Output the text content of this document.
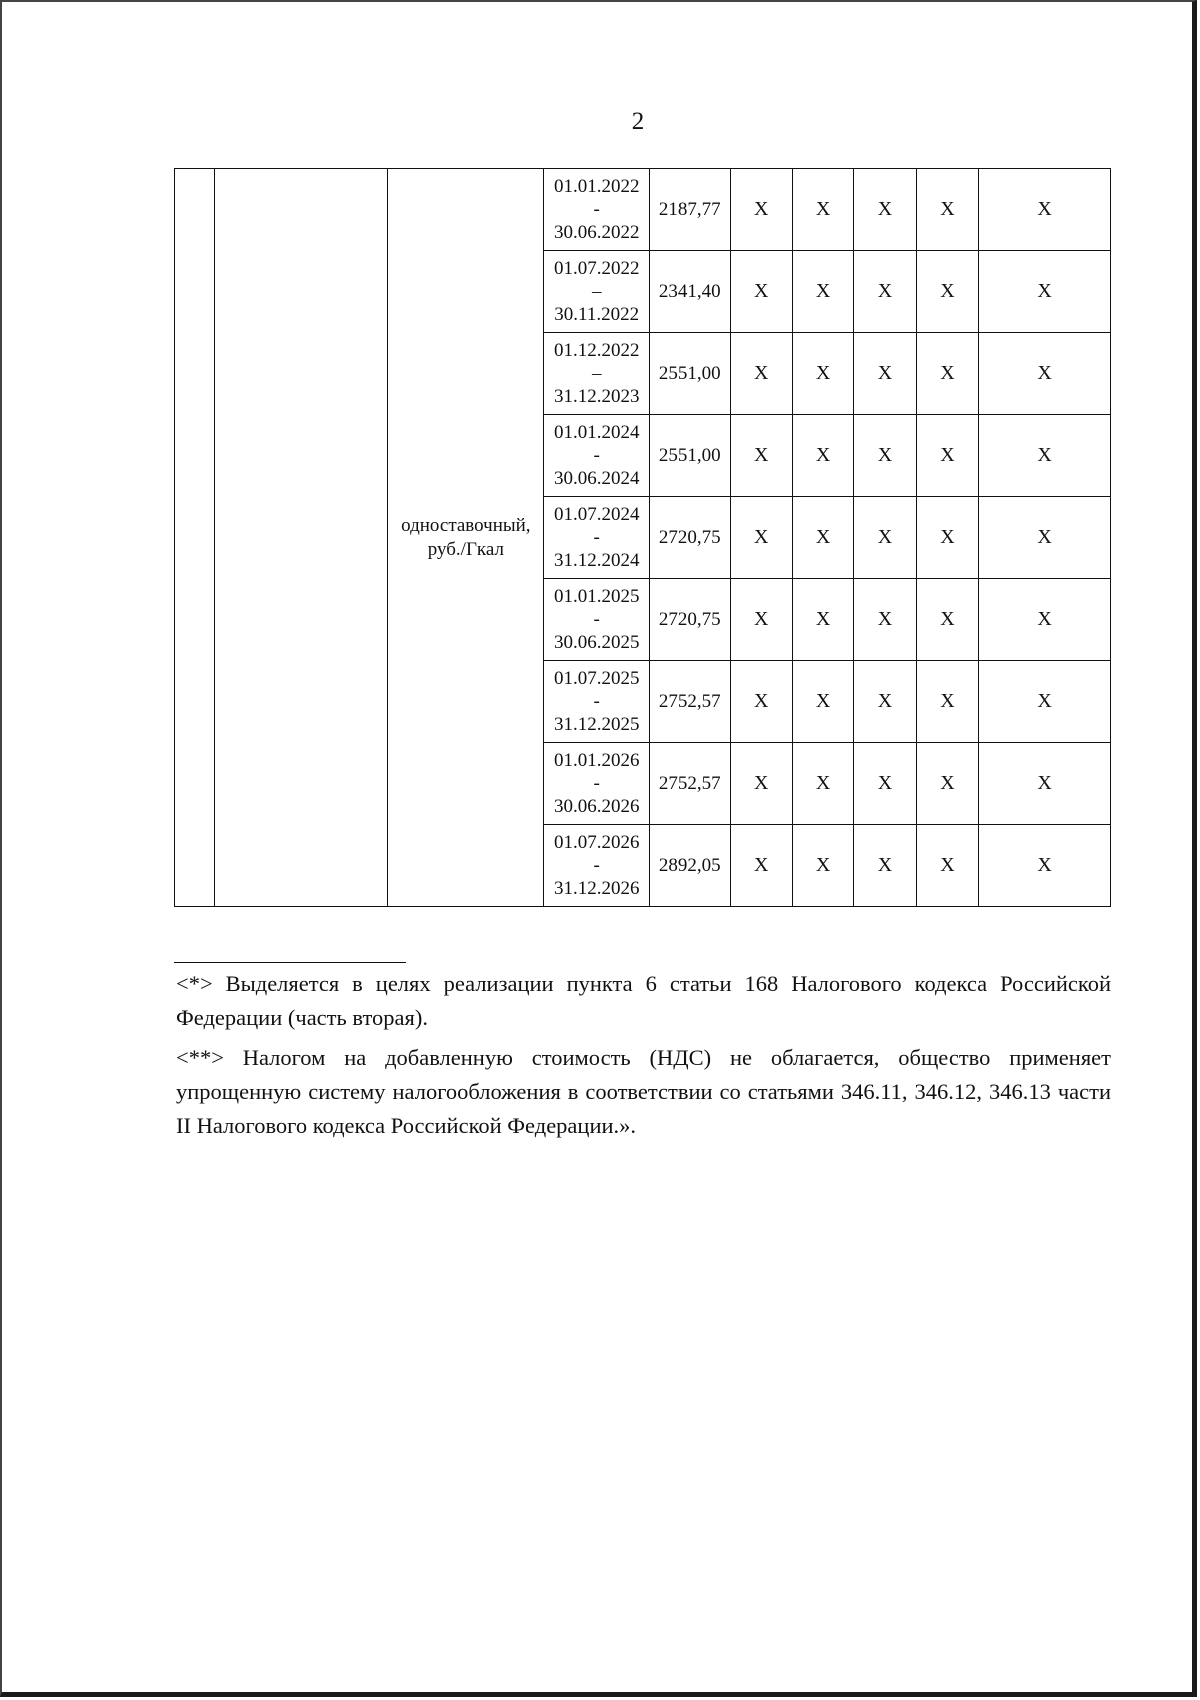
2
		одноставочный, руб./Гкал	01.01.2022
-
30.06.2022	2187,77	X	X	X	X	X

			01.07.2022
–
30.11.2022	2341,40	X	X	X	X	X

			01.12.2022
–
31.12.2023	2551,00	X	X	X	X	X

			01.01.2024
-
30.06.2024	2551,00	X	X	X	X	X

			01.07.2024
-
31.12.2024	2720,75	X	X	X	X	X

			01.01.2025
-
30.06.2025	2720,75	X	X	X	X	X

			01.07.2025
-
31.12.2025	2752,57	X	X	X	X	X

			01.01.2026
-
30.06.2026	2752,57	X	X	X	X	X

			01.07.2026
-
31.12.2026	2892,05	X	X	X	X	X

<*> Выделяется в целях реализации пункта 6 статьи 168 Налогового кодекса Российской Федерации (часть вторая).

<**> Налогом на добавленную стоимость (НДС) не облагается, общество применяет упрощенную систему налогообложения в соответствии со статьями 346.11, 346.12, 346.13 части II Налогового кодекса Российской Федерации.».
